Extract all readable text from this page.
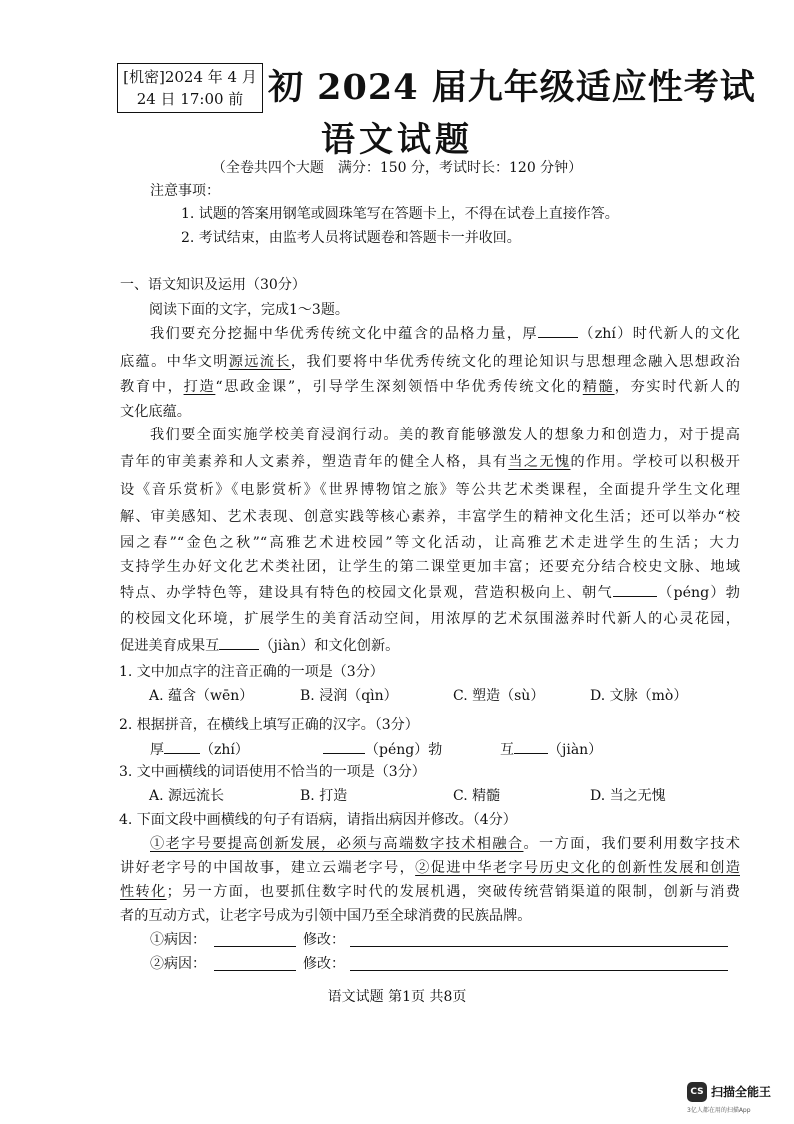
[机密]2024 年 4 月
24 日 17:00 前 初 2024 届九年级适应性考试
语文试题
（全卷共四个大题　满分：150 分，考试时长：120 分钟）
注意事项：
1. 试题的答案用钢笔或圆珠笔写在答题卡上，不得在试卷上直接作答。
2. 考试结束，由监考人员将试题卷和答题卡一并收回。
一、语文知识及运用（30分）
阅读下面的文字，完成1～3题。
我们要充分挖掘中华优秀传统文化中蕴含的品格力量，厚	（zhí）时代新人的文化
底蕴。中华文明源远流长，我们要将中华优秀传统文化的理论知识与思想理念融入思想政治
教育中，打造“思政金课”，引导学生深刻领悟中华优秀传统文化的精髓，夯实时代新人的
文化底蕴。
我们要全面实施学校美育浸润行动。美的教育能够激发人的想象力和创造力，对于提高
青年的审美素养和人文素养，塑造青年的健全人格，具有当之无愧的作用。学校可以积极开
设《音乐赏析》《电影赏析》《世界博物馆之旅》等公共艺术类课程，全面提升学生文化理
解、审美感知、艺术表现、创意实践等核心素养，丰富学生的精神文化生活；还可以举办“校
园之春”“金色之秋”“高雅艺术进校园”等文化活动，让高雅艺术走进学生的生活；大力
支持学生办好文化艺术类社团，让学生的第二课堂更加丰富；还要充分结合校史文脉、地域
特点、办学特色等，建设具有特色的校园文化景观，营造积极向上、朝气	（péng）勃
的校园文化环境，扩展学生的美育活动空间，用浓厚的艺术氛围滋养时代新人的心灵花园，
促进美育成果互	（jiàn）和文化创新。
1. 文中加点字的注音正确的一项是（3分）
A. 蕴含（wēn）	B. 浸润（qìn）	C. 塑造（sù）	D. 文脉（mò）
2. 根据拼音，在横线上填写正确的汉字。（3分）
厚	（zhí）	（péng）勃	互 （jiàn）
3. 文中画横线的词语使用不恰当的一项是（3分）
A. 源远流长	B. 打造	C. 精髓	D. 当之无愧
4. 下面文段中画横线的句子有语病，请指出病因并修改。（4分）
①老字号要提高创新发展，必须与高端数字技术相融合。一方面，我们要利用数字技术
讲好老字号的中国故事，建立云端老字号，②促进中华老字号历史文化的创新性发展和创造
性转化；另一方面，也要抓住数字时代的发展机遇，突破传统营销渠道的限制，创新与消费
者的互动方式，让老字号成为引领中国乃至全球消费的民族品牌。
①病因：	修改：
②病因：	修改：
语文试题 第1页 共8页
CS 扫描全能王
3亿人都在用的扫描App
